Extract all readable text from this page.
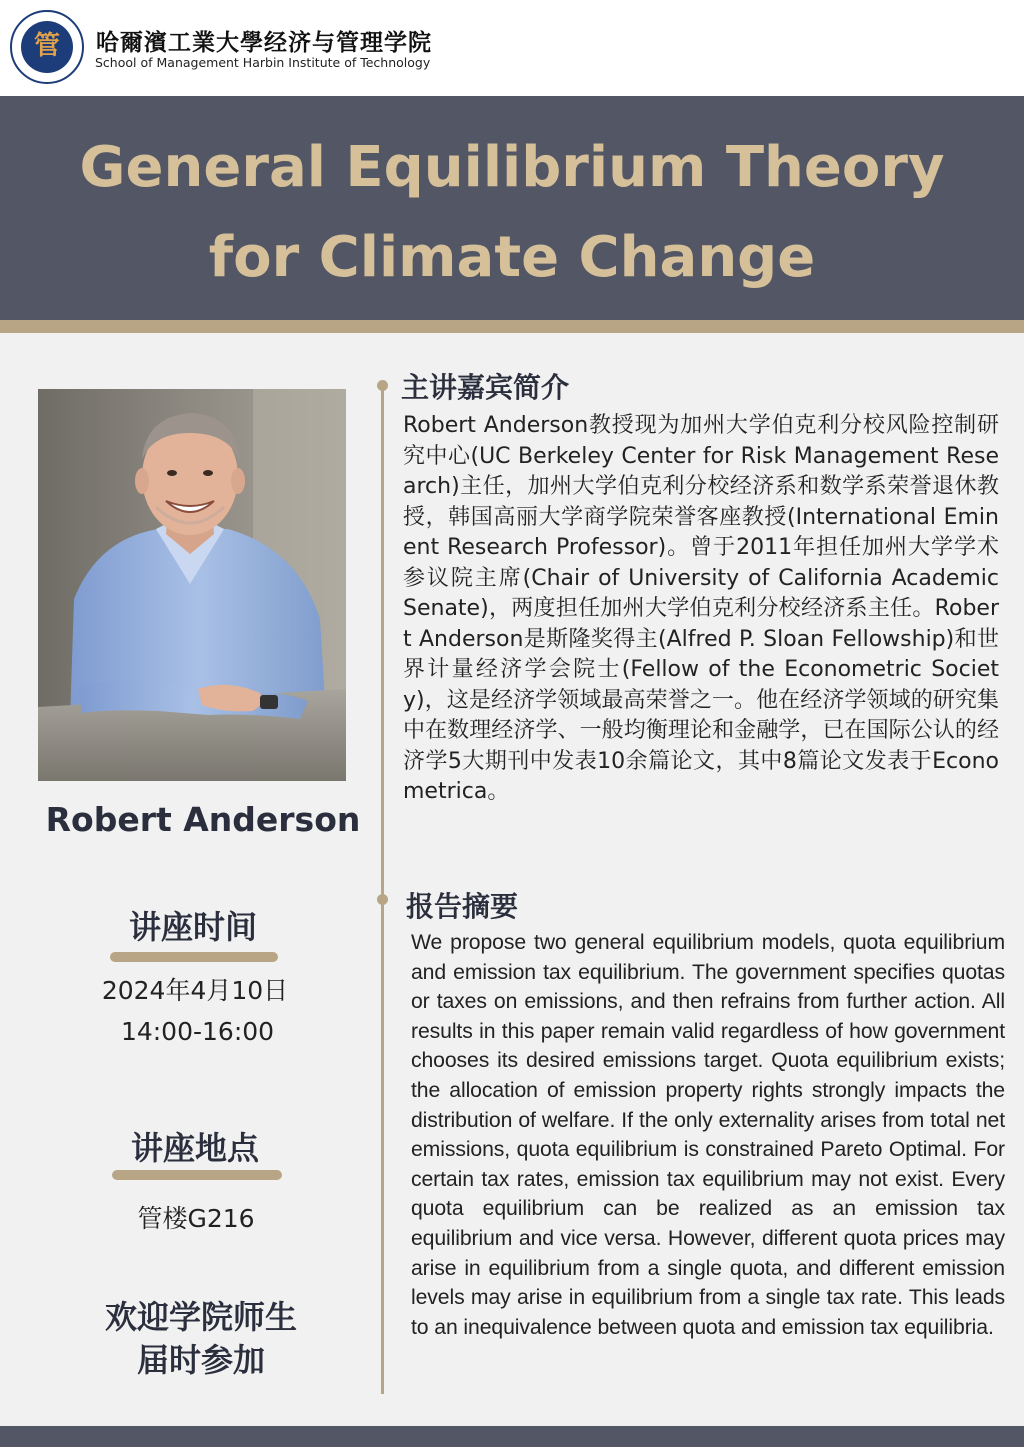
管	哈爾濱工業大學经济与管理学院
School of Management Harbin Institute of Technology
General Equilibrium Theory
for Climate Change
Robert Anderson
讲座时间
2024年4月10日
14:00-16:00
讲座地点
管楼G216
欢迎学院师生
届时参加
主讲嘉宾简介
Robert Anderson教授现为加州大学伯克利分校风险控制研究中心(UC Berkeley Center for Risk Management Research)主任，加州大学伯克利分校经济系和数学系荣誉退休教授，韩国高丽大学商学院荣誉客座教授(International Eminent Research Professor)。曾于2011年担任加州大学学术参议院主席(Chair of University of California Academic Senate)，两度担任加州大学伯克利分校经济系主任。Robert Anderson是斯隆奖得主(Alfred P. Sloan Fellowship)和世界计量经济学会院士(Fellow of the Econometric Society)，这是经济学领域最高荣誉之一。他在经济学领域的研究集中在数理经济学、一般均衡理论和金融学，已在国际公认的经济学5大期刊中发表10余篇论文，其中8篇论文发表于Econometrica。
报告摘要
We propose two general equilibrium models, quota equilibrium and emission tax equilibrium. The government specifies quotas or taxes on emissions, and then refrains from further action. All results in this paper remain valid regardless of how government chooses its desired emissions target. Quota equilibrium exists; the allocation of emission property rights strongly impacts the distribution of welfare. If the only externality arises from total net emissions, quota equilibrium is constrained Pareto Optimal. For certain tax rates, emission tax equilibrium may not exist. Every quota equilibrium can be realized as an emission tax equilibrium and vice versa. However, different quota prices may arise in equilibrium from a single quota, and different emission levels may arise in equilibrium from a single tax rate. This leads to an inequivalence between quota and emission tax equilibria.
